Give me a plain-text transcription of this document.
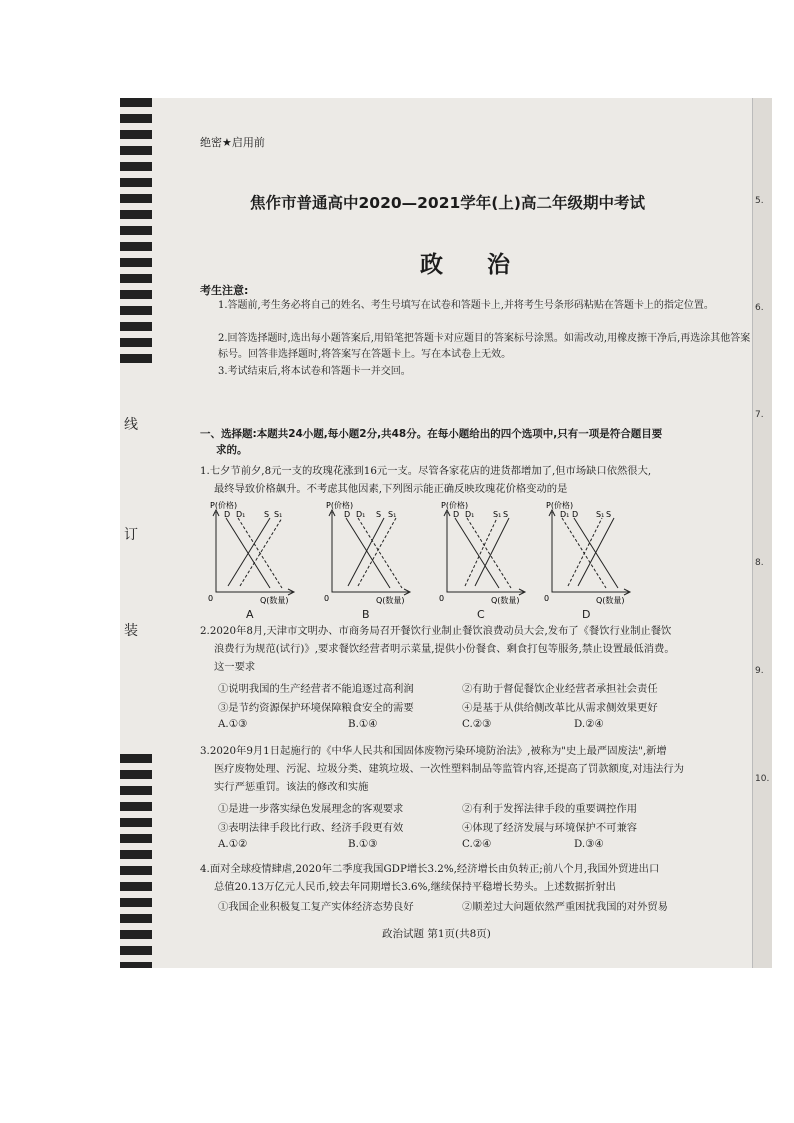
线
订
装
绝密★启用前
焦作市普通高中2020—2021学年(上)高二年级期中考试
政 治
考生注意:
1.答题前,考生务必将自己的姓名、考生号填写在试卷和答题卡上,并将考生号条形码粘贴在答题卡上的指定位置。
2.回答选择题时,选出每小题答案后,用铅笔把答题卡对应题目的答案标号涂黑。如需改动,用橡皮擦干净后,再选涂其他答案标号。回答非选择题时,将答案写在答题卡上。写在本试卷上无效。
3.考试结束后,将本试卷和答题卡一并交回。
一、选择题:本题共24小题,每小题2分,共48分。在每小题给出的四个选项中,只有一项是符合题目要
求的。
1.七夕节前夕,8元一支的玫瑰花涨到16元一支。尽管各家花店的进货都增加了,但市场缺口依然很大,
最终导致价格飙升。不考虑其他因素,下列图示能正确反映玫瑰花价格变动的是
P(价格)
Q(数量)
0
D D₁ S S₁
A
P(价格)
Q(数量)
0
D D₁ S S₁
B
P(价格)
Q(数量)
0
D D₁ S₁ S
C
P(价格)
Q(数量)
0
D₁ D S₁ S
D
2.2020年8月,天津市文明办、市商务局召开餐饮行业制止餐饮浪费动员大会,发布了《餐饮行业制止餐饮
浪费行为规范(试行)》,要求餐饮经营者明示菜量,提供小份餐食、剩食打包等服务,禁止设置最低消费。
这一要求
①说明我国的生产经营者不能追逐过高利润	②有助于督促餐饮企业经营者承担社会责任
③是节约资源保护环境保障粮食安全的需要	④是基于从供给侧改革比从需求侧效果更好
A.①③	B.①④	C.②③	D.②④
3.2020年9月1日起施行的《中华人民共和国固体废物污染环境防治法》,被称为"史上最严固废法",新增
医疗废物处理、污泥、垃圾分类、建筑垃圾、一次性塑料制品等监管内容,还提高了罚款额度,对违法行为
实行严惩重罚。该法的修改和实施
①是进一步落实绿色发展理念的客观要求	②有利于发挥法律手段的重要调控作用
③表明法律手段比行政、经济手段更有效	④体现了经济发展与环境保护不可兼容
A.①②	B.①③	C.②④	D.③④
4.面对全球疫情肆虐,2020年二季度我国GDP增长3.2%,经济增长由负转正;前八个月,我国外贸进出口
总值20.13万亿元人民币,较去年同期增长3.6%,继续保持平稳增长势头。上述数据折射出
①我国企业积极复工复产实体经济态势良好	②顺差过大问题依然严重困扰我国的对外贸易
政治试题 第1页(共8页)
5.
6.
7.
8.
9.
10.
